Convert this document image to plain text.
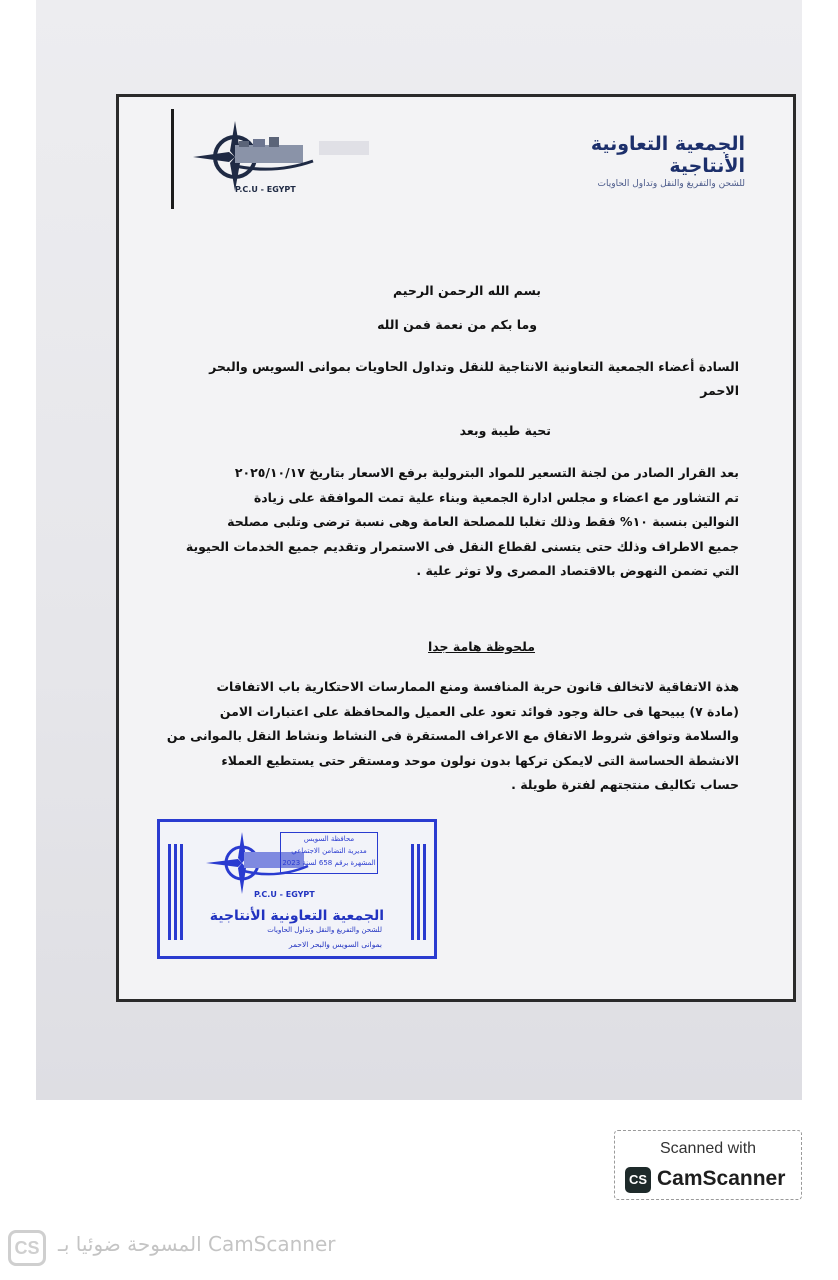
P.C.U - EGYPT
الجمعية التعاونية الأنتاجية
للشحن والتفريغ والنقل وتداول الحاويات
بسم الله الرحمن الرحيم
وما بكم من نعمة فمن الله
السادة أعضاء الجمعية التعاونية الانتاجية للنقل وتداول الحاويات بموانى السويس والبحر
الاحمر
تحية طيبة وبعد
بعد القرار الصادر من لجنة التسعير للمواد البترولية برفع الاسعار بتاريخ ٢٠٢٥/١٠/١٧
تم التشاور مع اعضاء و مجلس ادارة الجمعية وبناء علية تمت الموافقة على زيادة
النوالين بنسبة ١٠% فقط وذلك تغلبا للمصلحة العامة وهى نسبة ترضى وتلبى مصلحة
جميع الاطراف وذلك حتى يتسنى لقطاع النقل فى الاستمرار وتقديم جميع الخدمات الحيوية
التي تضمن النهوض بالاقتصاد المصرى ولا توثر علية .
ملحوظة هامة جدا
هذة الاتفاقية لاتخالف قانون حرية المنافسة ومنع الممارسات الاحتكارية باب الاتفاقات
(مادة ٧) يبيحها فى حالة وجود فوائد تعود على العميل والمحافظة على اعتبارات الامن
والسلامة وتوافق شروط الاتفاق مع الاعراف المستقرة فى النشاط ونشاط النقل بالموانى من
الانشطة الحساسة التى لايمكن تركها بدون نولون موحد ومستقر حتى يستطيع العملاء
حساب تكاليف منتجتهم لفترة طويلة .
P.C.U - EGYPT
محافظة السويس
مديرية التضامن الاجتماعي
المشهرة برقم 658 لسنة 2023
الجمعية التعاونية الأنتاجية
للشحن والتفريغ والنقل وتداول الحاويات
بموانى السويس والبحر الاحمر
Scanned with
CS CamScanner
CS المسوحة ضوئيا بـ CamScanner
